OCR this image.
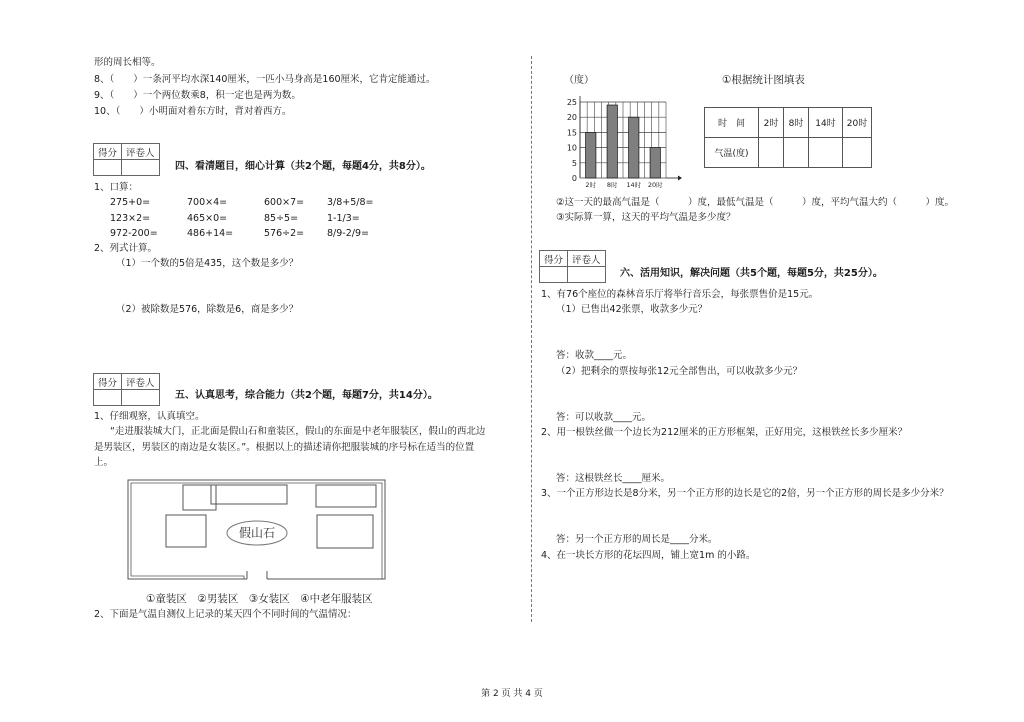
形的周长相等。
8、（　　）一条河平均水深140厘米，一匹小马身高是160厘米，它肯定能通过。
9、（　　）一个两位数乘8，积一定也是两为数。
10、（　　）小明面对着东方时，背对着西方。
得分	评卷人

四、看清题目，细心计算（共2个题，每题4分，共8分）。
1、口算：
275+0=	700×4=	600×7= 3/8+5/8=
123×2=	465×0=	85÷5=	1-1/3=
972-200=	486+14=	576÷2= 8/9-2/9=
2、列式计算。
（1）一个数的5倍是435，这个数是多少？
（2）被除数是576，除数是6，商是多少？
得分	评卷人

五、认真思考，综合能力（共2个题，每题7分，共14分）。
1、仔细观察，认真填空。
“走进服装城大门，正北面是假山石和童装区，假山的东面是中老年服装区，假山的西北边
是男装区，男装区的南边是女装区。”。根据以上的描述请你把服装城的序号标在适当的位置
上。
假山石
①童装区　②男装区　③女装区　④中老年服装区
2、下面是气温自测仪上记录的某天四个不同时间的气温情况：
（度）	①根据统计图填表
0
5
10
15
20
25
2时 8时 14时 20时
时　间	2时	8时	14时	20时
气温(度)				
②这一天的最高气温是（　　　）度，最低气温是（　　　）度，平均气温大约（　　　）度。
③实际算一算，这天的平均气温是多少度？
得分	评卷人

六、活用知识，解决问题（共5个题，每题5分，共25分）。
1、有76个座位的森林音乐厅将举行音乐会，每张票售价是15元。
（1）已售出42张票，收款多少元？
答：收款____元。
（2）把剩余的票按每张12元全部售出，可以收款多少元？
答：可以收款____元。
2、用一根铁丝做一个边长为212厘米的正方形框架，正好用完，这根铁丝长多少厘米？
答：这根铁丝长____厘米。
3、一个正方形边长是8分米，另一个正方形的边长是它的2倍，另一个正方形的周长是多少分米？
答：另一个正方形的周长是____分米。
4、在一块长方形的花坛四周，铺上宽1m 的小路。
第 2 页 共 4 页
